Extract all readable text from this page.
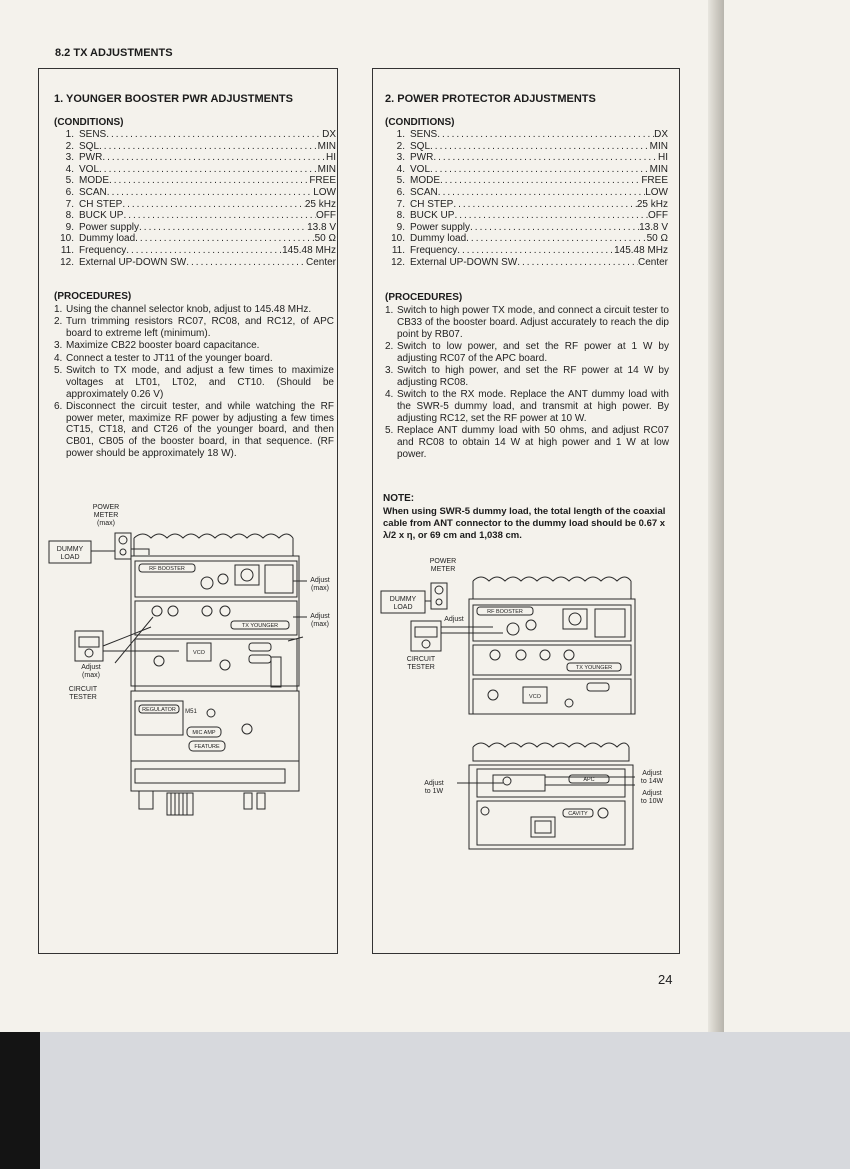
8.2 TX ADJUSTMENTS
1. YOUNGER BOOSTER PWR ADJUSTMENTS
(CONDITIONS)
1. SENS .....	DX
2. SQL .....	MIN
3. PWR .....	HI
4. VOL .....	MIN
5. MODE .....	FREE
6. SCAN .....	LOW
7. CH STEP .....	25 kHz
8. BUCK UP .....	OFF
9. Power supply .....	13.8 V
10. Dummy load .....	50 Ω
11. Frequency .....	145.48 MHz
12. External UP-DOWN SW .....	Center
(PROCEDURES)
1. Using the channel selector knob, adjust to 145.48 MHz.
2. Turn trimming resistors RC07, RC08, and RC12, of APC board to extreme left (minimum).
3. Maximize CB22 booster board capacitance.
4. Connect a tester to JT11 of the younger board.
5. Switch to TX mode, and adjust a few times to maximize voltages at LT01, LT02, and CT10. (Should be approximately 0.26 V)
6. Disconnect the circuit tester, and while watching the RF power meter, maximize RF power by adjusting a few times CT15, CT18, and CT26 of the younger board, and then CB01, CB05 of the booster board, in that sequence. (RF power should be approximately 18 W).
POWER
METER
(max)
DUMMY
LOAD
Adjust
(max)
CIRCUIT
TESTER
Adjust
(max)
Adjust
(max)
RF BOOSTER
TX YOUNGER
VCO
REGULATOR
MIC AMP
FEATURE
M51
2. POWER PROTECTOR ADJUSTMENTS
(CONDITIONS)
1. SENS .....	DX
2. SQL .....	MIN
3. PWR .....	HI
4. VOL .....	MIN
5. MODE .....	FREE
6. SCAN .....	LOW
7. CH STEP .....	25 kHz
8. BUCK UP .....	OFF
9. Power supply .....	13.8 V
10. Dummy load .....	50 Ω
11. Frequency .....	145.48 MHz
12. External UP-DOWN SW .....	Center
(PROCEDURES)
1. Switch to high power TX mode, and connect a circuit tester to CB33 of the booster board. Adjust accurately to reach the dip point by RB07.
2. Switch to low power, and set the RF power at 1 W by adjusting RC07 of the APC board.
3. Switch to high power, and set the RF power at 14 W by adjusting RC08.
4. Switch to the RX mode. Replace the ANT dummy load with the SWR-5 dummy load, and transmit at high power. By adjusting RC12, set the RF power at 10 W.
5. Replace ANT dummy load with 50 ohms, and adjust RC07 and RC08 to obtain 14 W at high power and 1 W at low power.
NOTE:
When using SWR-5 dummy load, the total length of the coaxial cable from ANT connector to the dummy load should be 0.67 x λ/2 x η, or 69 cm and 1,038 cm.
POWER
METER
DUMMY
LOAD
Adjust
CIRCUIT
TESTER
RF BOOSTER
TX YOUNGER
VCO
Adjust
to 1W
Adjust
to 14W
Adjust
to 10W
APC
CAVITY
24
